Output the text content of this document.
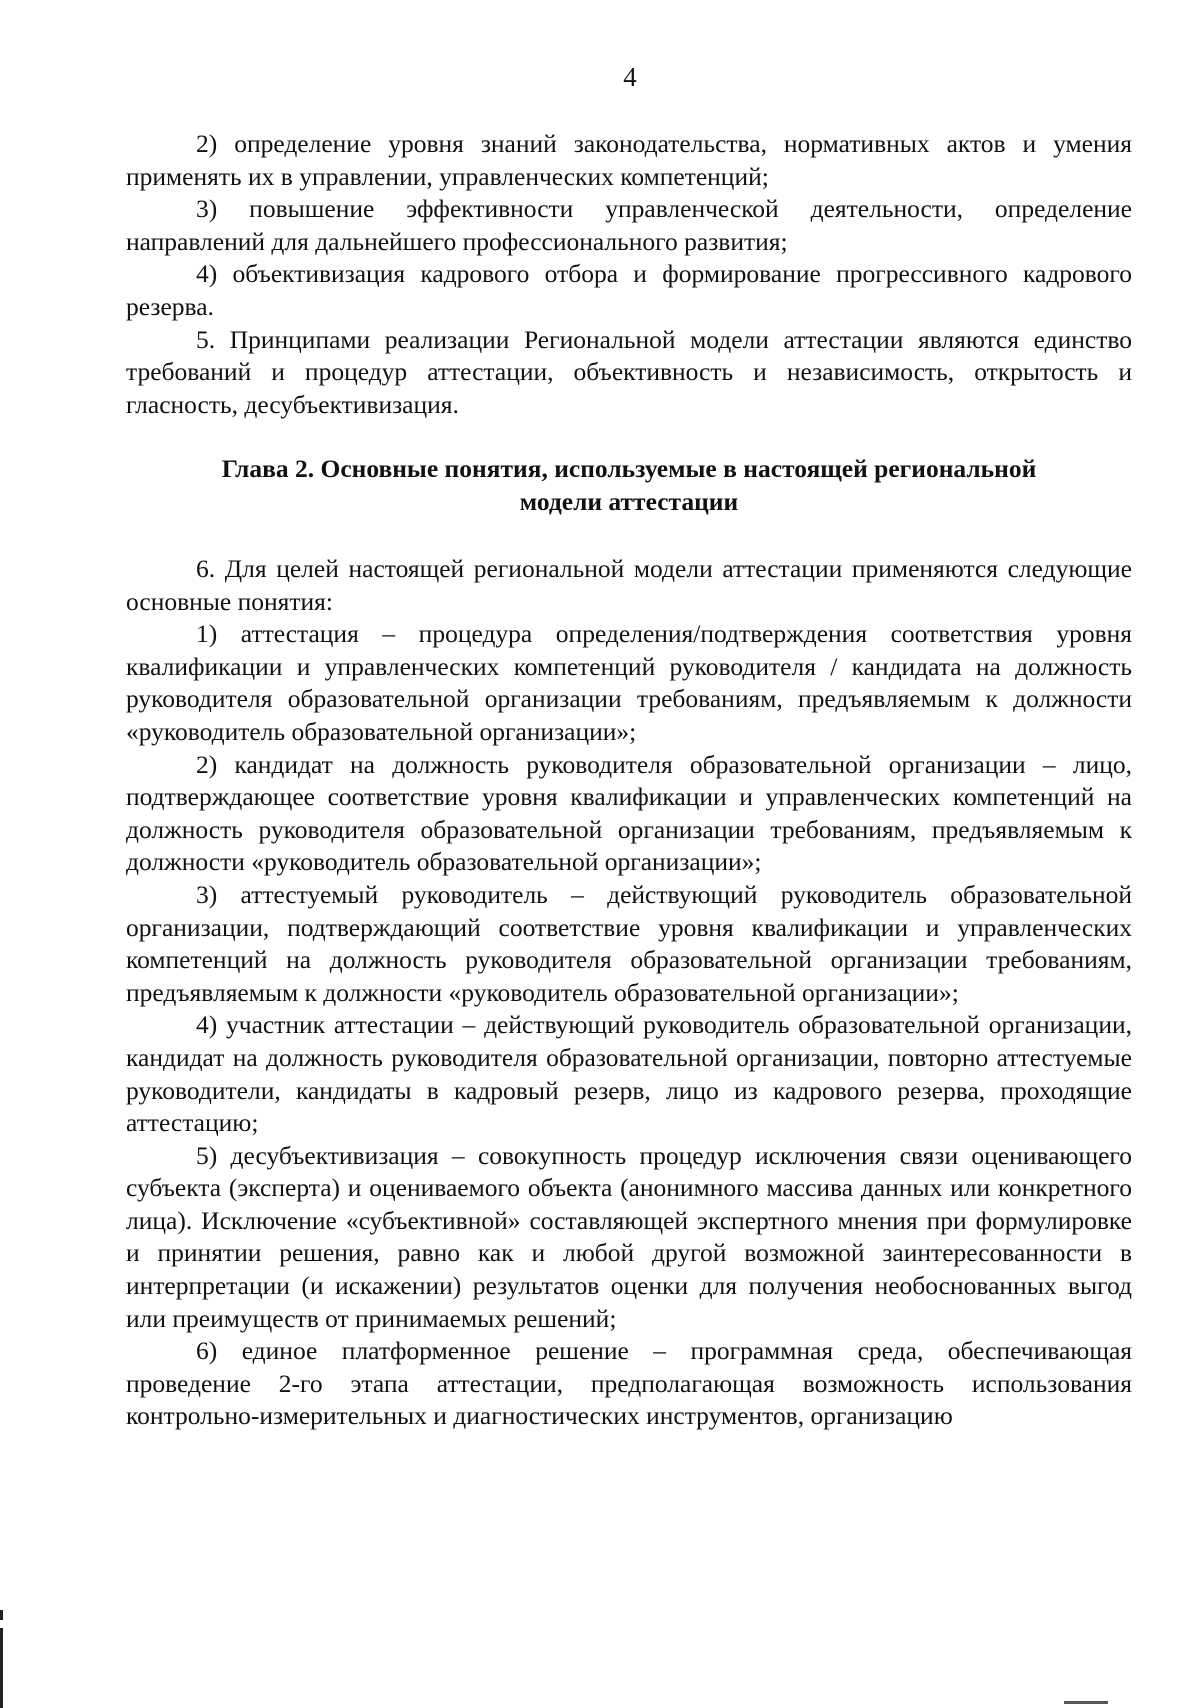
4

2) определение уровня знаний законодательства, нормативных актов и умения применять их в управлении, управленческих компетенций;

3) повышение эффективности управленческой деятельности, определение направлений для дальнейшего профессионального развития;

4) объективизация кадрового отбора и формирование прогрессивного кадрового резерва.

5. Принципами реализации Региональной модели аттестации являются единство требований и процедур аттестации, объективность и независимость, открытость и гласность, десубъективизация.

Глава 2. Основные понятия, используемые в настоящей региональной
модели аттестации

6. Для целей настоящей региональной модели аттестации применяются следующие основные понятия:

1) аттестация – процедура определения/подтверждения соответствия уровня квалификации и управленческих компетенций руководителя / кандидата на должность руководителя образовательной организации требованиям, предъявляемым к должности «руководитель образовательной организации»;

2) кандидат на должность руководителя образовательной организации – лицо, подтверждающее соответствие уровня квалификации и управленческих компетенций на должность руководителя образовательной организации требованиям, предъявляемым к должности «руководитель образовательной организации»;

3) аттестуемый руководитель – действующий руководитель образовательной организации, подтверждающий соответствие уровня квалификации и управленческих компетенций на должность руководителя образовательной организации требованиям, предъявляемым к должности «руководитель образовательной организации»;

4) участник аттестации – действующий руководитель образовательной организации, кандидат на должность руководителя образовательной организации, повторно аттестуемые руководители, кандидаты в кадровый резерв, лицо из кадрового резерва, проходящие аттестацию;

5) десубъективизация – совокупность процедур исключения связи оценивающего субъекта (эксперта) и оцениваемого объекта (анонимного массива данных или конкретного лица). Исключение «субъективной» составляющей экспертного мнения при формулировке и принятии решения, равно как и любой другой возможной заинтересованности в интерпретации (и искажении) результатов оценки для получения необоснованных выгод или преимуществ от принимаемых решений;

6) единое платформенное решение – программная среда, обеспечивающая проведение 2-го этапа аттестации, предполагающая возможность использования контрольно-измерительных и диагностических инструментов, организацию
